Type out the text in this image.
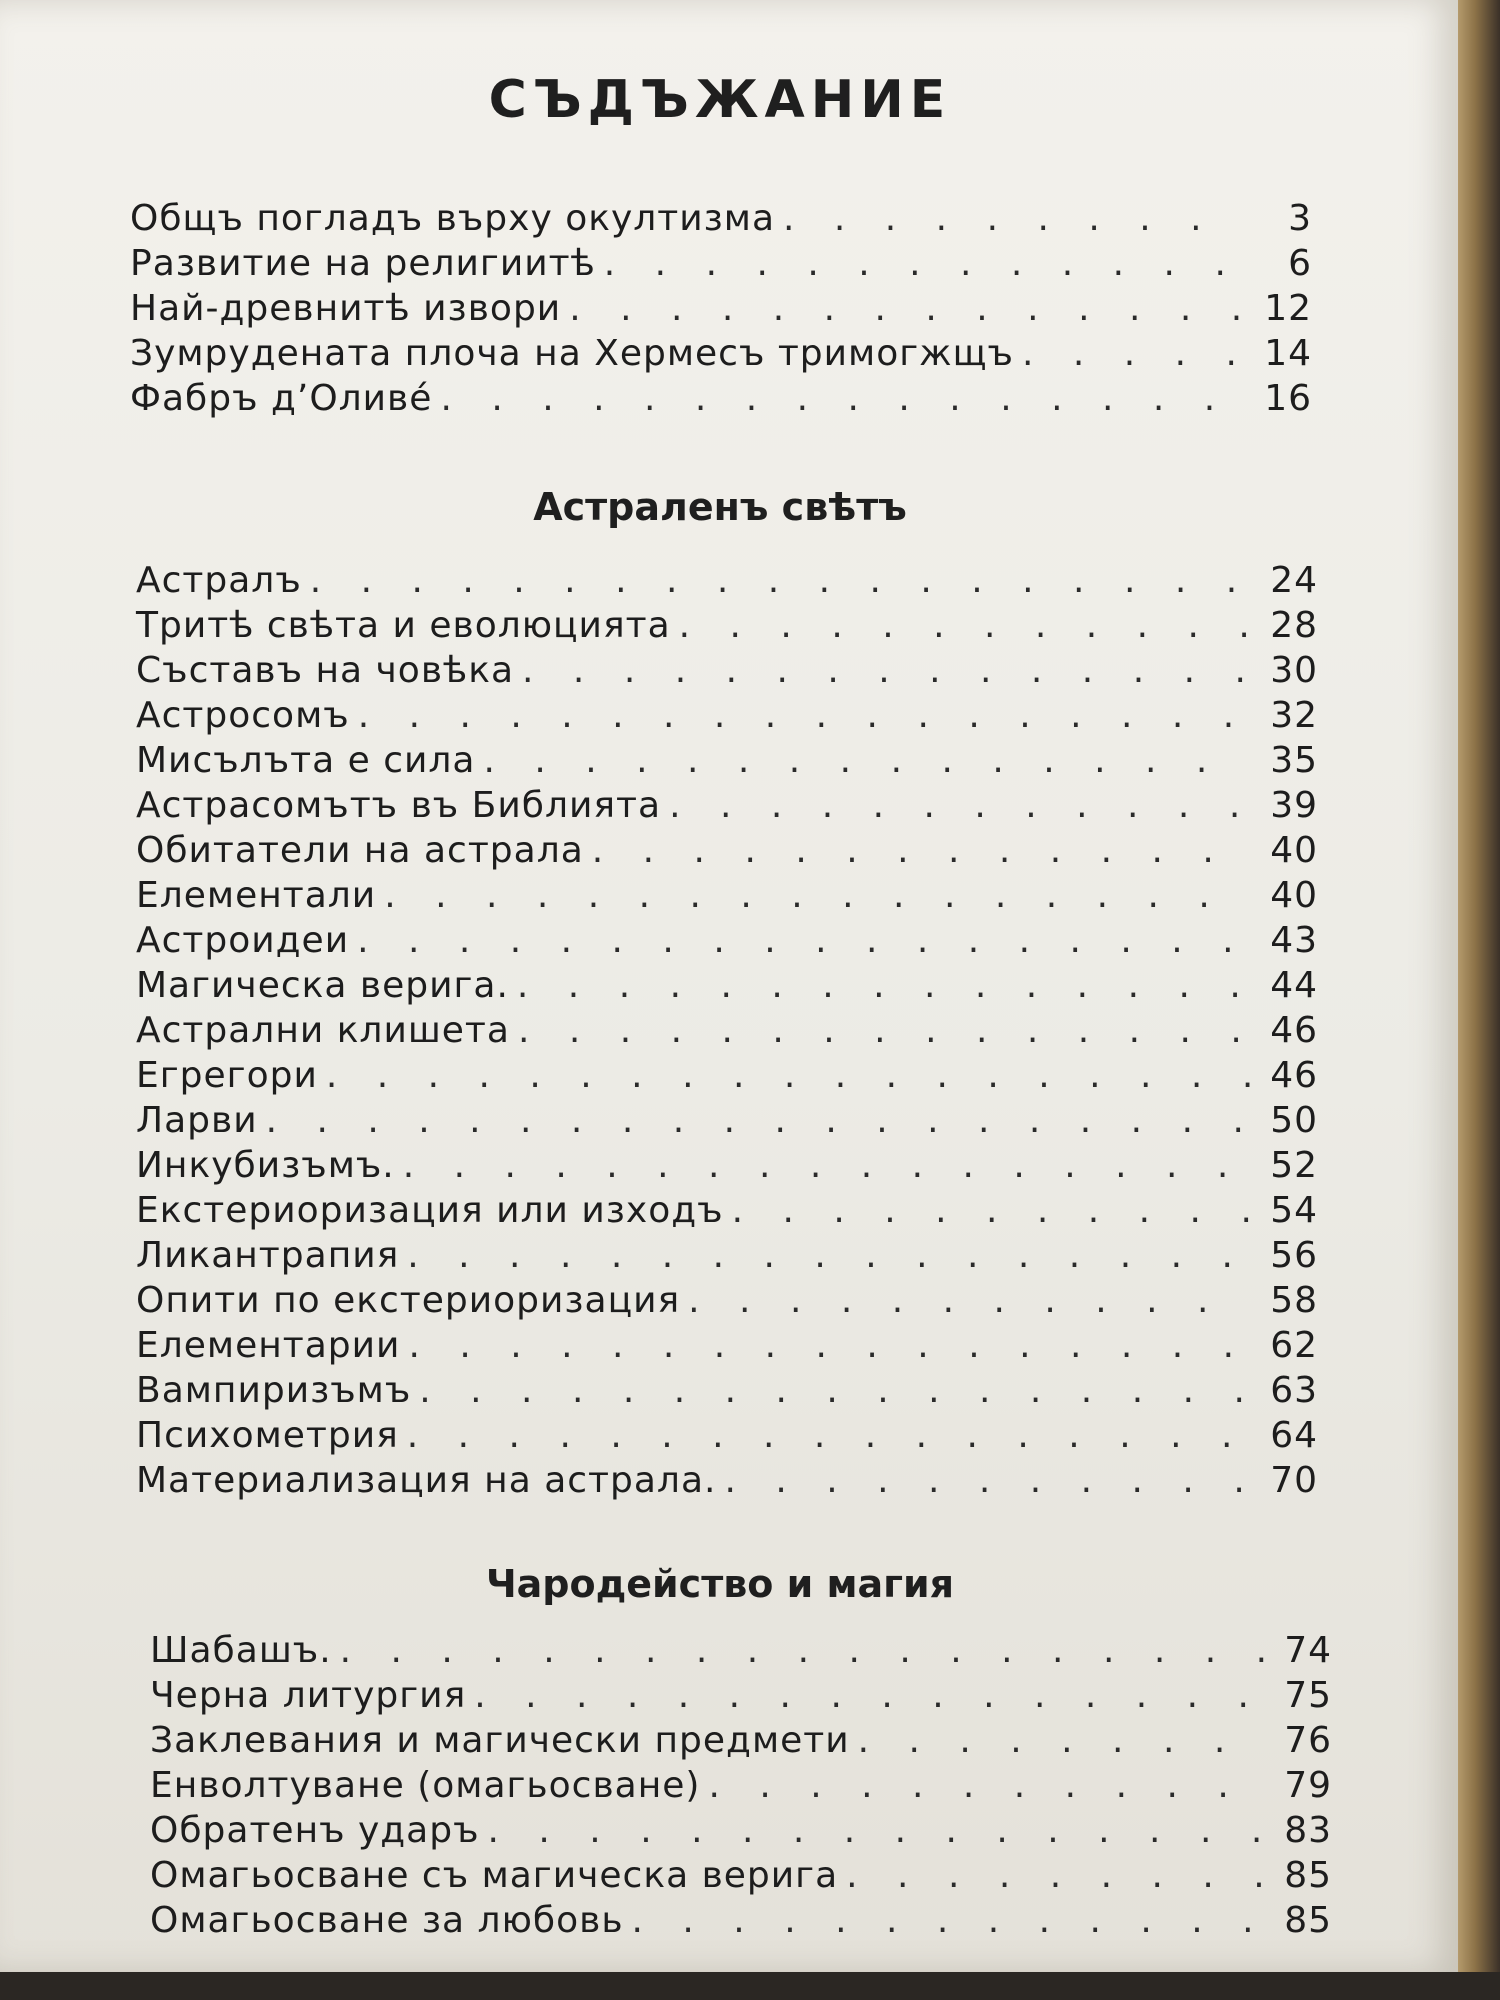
СЪДЪЖАНИЕ
Общъ погладъ върху окултизма . . .	3
Развитие на религиитѣ . . .	6
Най-древнитѣ извори . . .	12
Зумрудената плоча на Хермесъ тримогжщъ . . .	14
Фабръ д’Оливé . . .	16
Астраленъ свѣтъ
Астралъ . . .	24
Тритѣ свѣта и еволюцията . . .	28
Съставъ на човѣка . . .	30
Астросомъ . . .	32
Мисълъта е сила . . .	35
Астрасомътъ въ Библията . . .	39
Обитатели на астрала . . .	40
Елементали . . .	40
Астроидеи . . .	43
Магическа верига. . . .	44
Астрални клишета . . .	46
Егрегори . . .	46
Ларви . . .	50
Инкубизъмъ. . . .	52
Екстериоризация или изходъ . . .	54
Ликантрапия . . .	56
Опити по екстериоризация . . .	58
Елементарии . . .	62
Вампиризъмъ . . .	63
Психометрия . . .	64
Материализация на астрала. . . .	70
Чародейство и магия
Шабашъ. . . .	74
Черна литургия . . .	75
Заклевания и магически предмети . . .	76
Енволтуване (омагьосване) . . .	79
Обратенъ ударъ . . .	83
Омагьосване съ магическа верига . . .	85
Омагьосване за любовь . . .	85
